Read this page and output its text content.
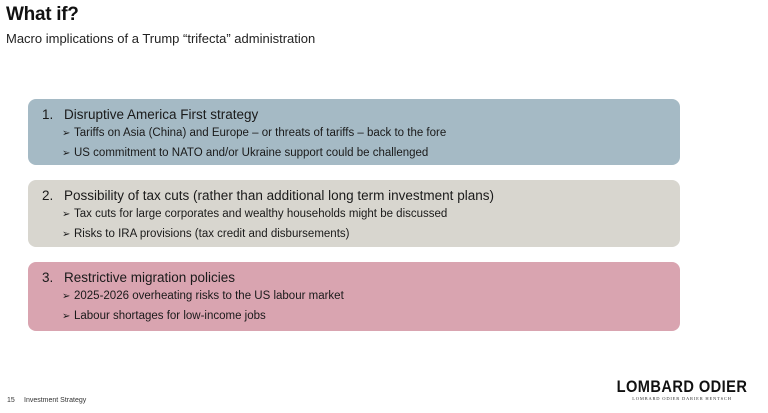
What if?
Macro implications of a Trump “trifecta” administration
1. Disruptive America First strategy
➢ Tariffs on Asia (China) and Europe – or threats of tariffs – back to the fore
➢ US commitment to NATO and/or Ukraine support could be challenged
2. Possibility of tax cuts (rather than additional long term investment plans)
➢ Tax cuts for large corporates and wealthy households might be discussed
➢ Risks to IRA provisions (tax credit and disbursements)
3. Restrictive migration policies
➢ 2025-2026 overheating risks to the US labour market
➢ Labour shortages for low-income jobs
15 Investment Strategy
LOMBARD ODIER
LOMBARD ODIER DARIER HENTSCH
